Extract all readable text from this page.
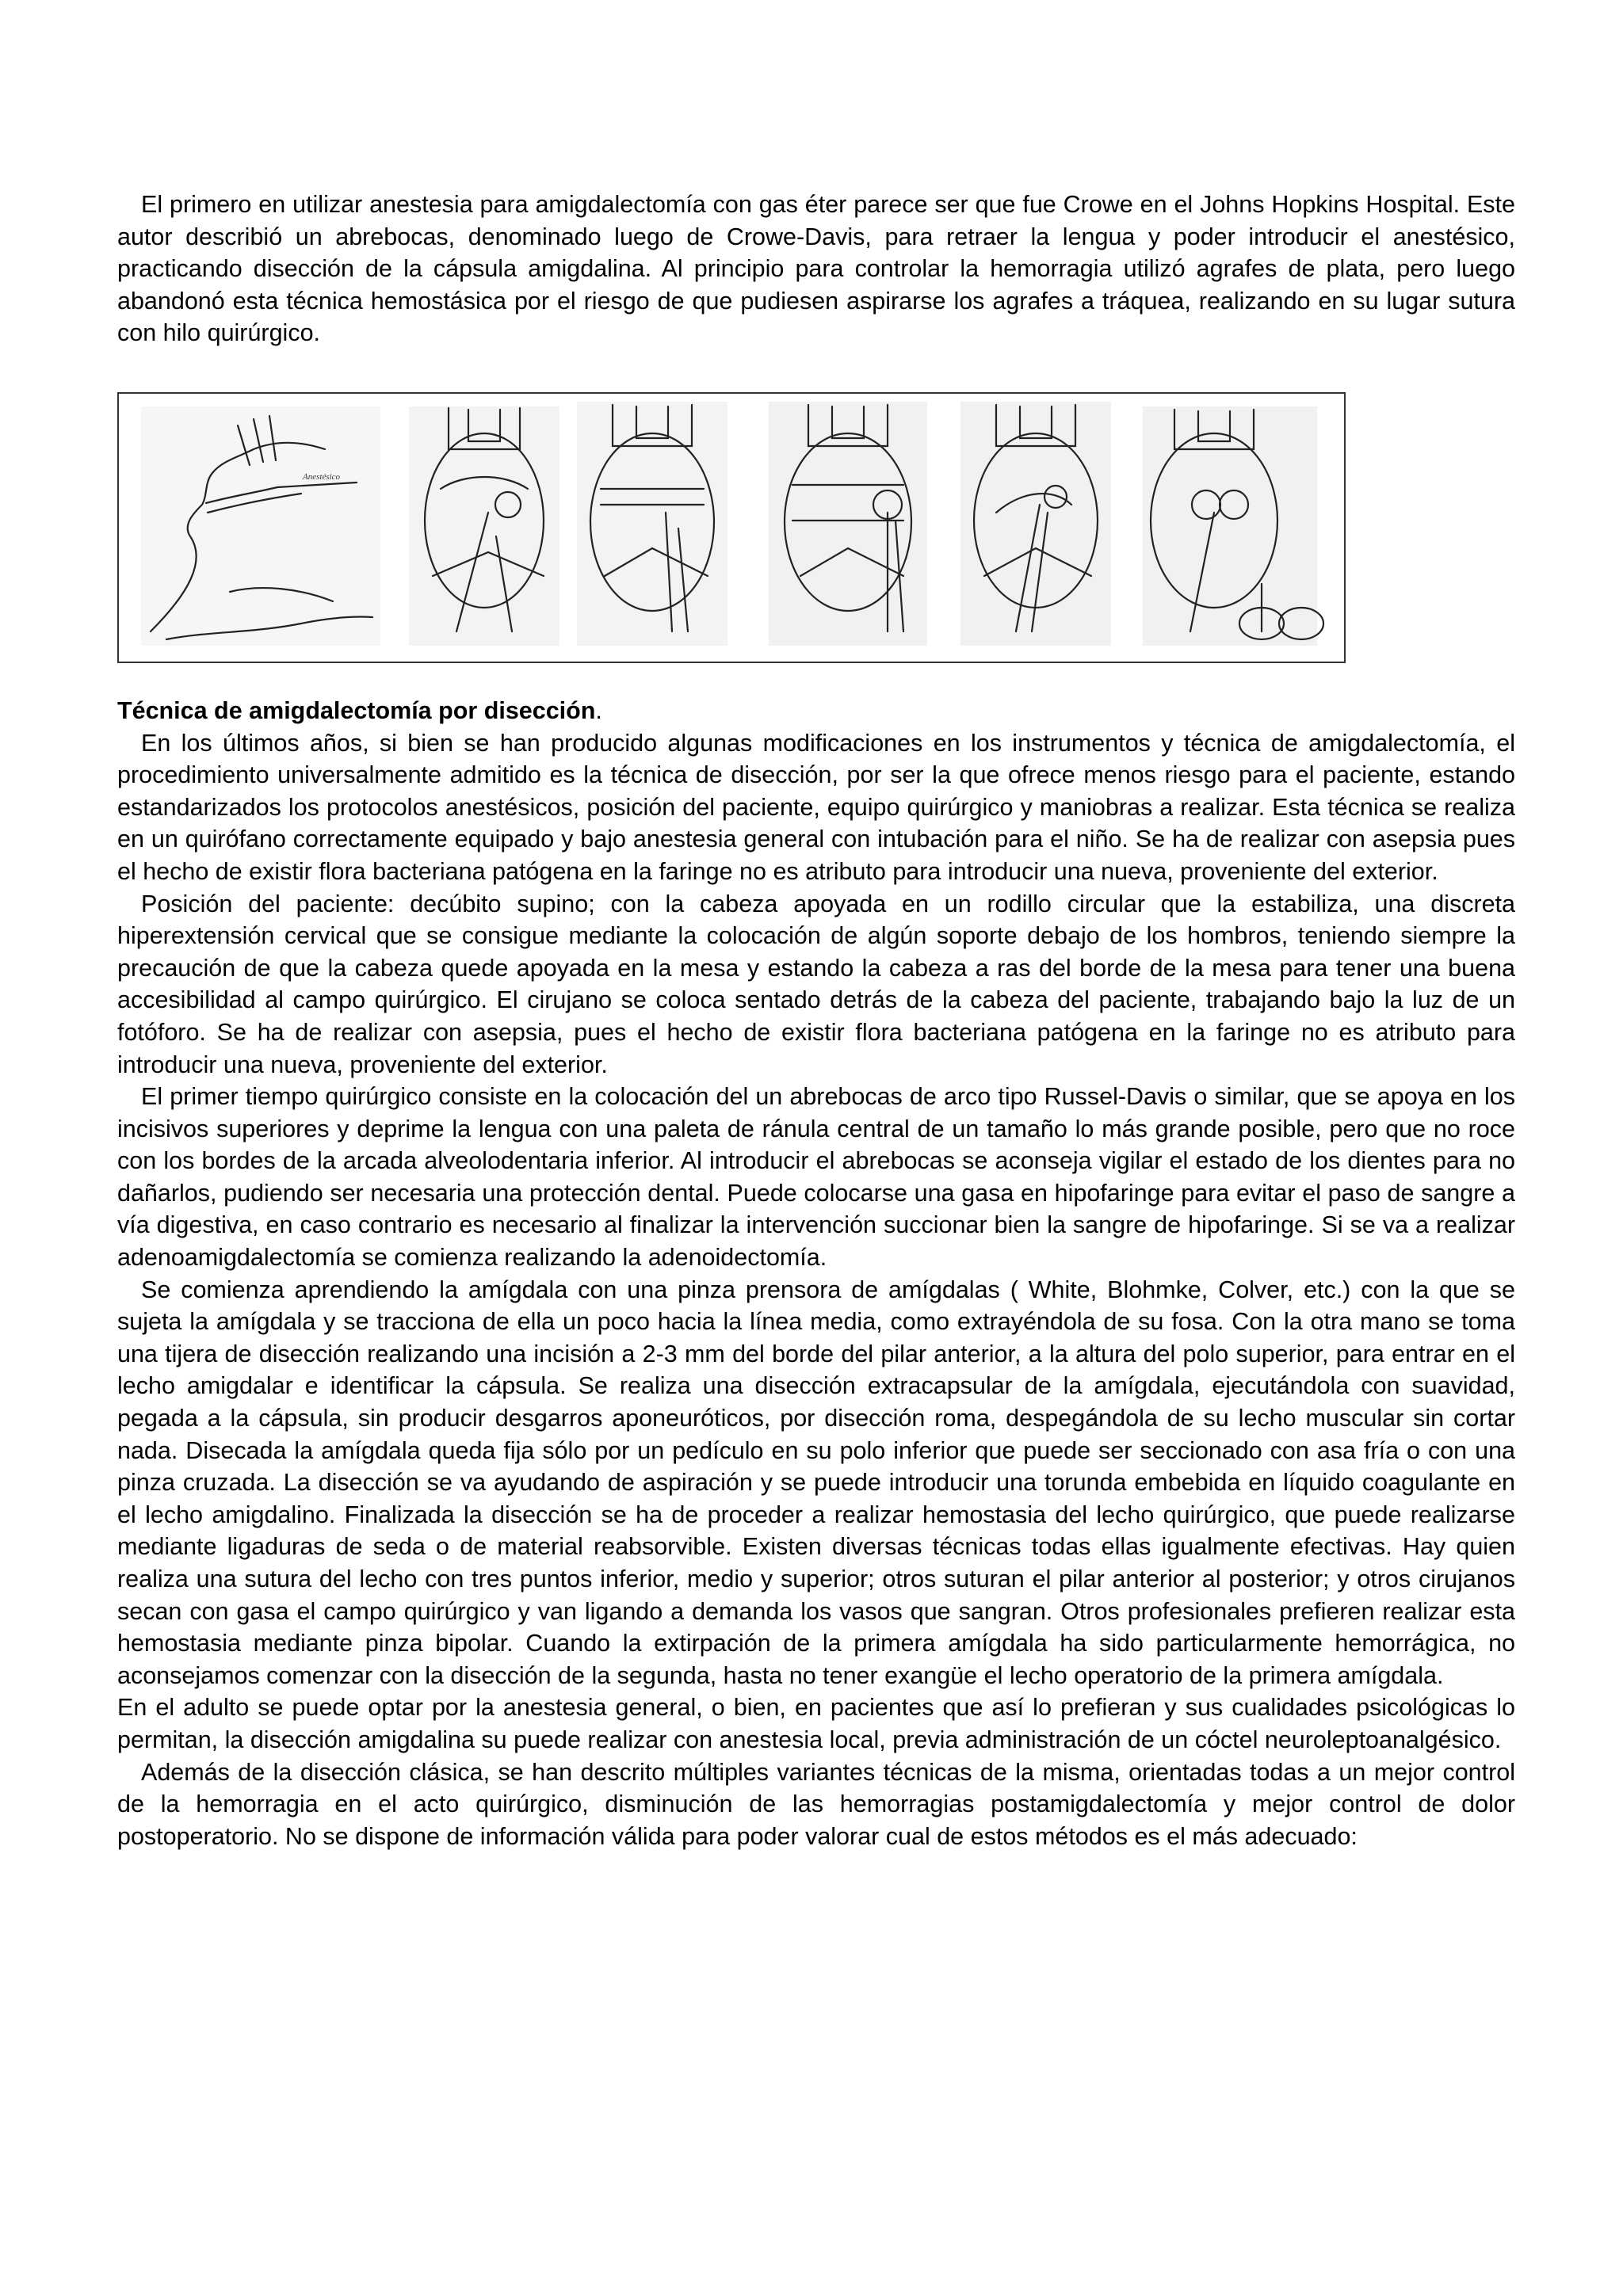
El primero en utilizar anestesia para amigdalectomía con gas éter parece ser que fue Crowe en el Johns Hopkins Hospital. Este autor describió un abrebocas, denominado luego de Crowe-Davis, para retraer la lengua y poder introducir el anestésico, practicando disección de la cápsula amigdalina. Al principio para controlar la hemorragia utilizó agrafes de plata, pero luego abandonó esta técnica hemostásica por el riesgo de que pudiesen aspirarse los agrafes a tráquea, realizando en su lugar sutura con hilo quirúrgico.

Anestésico
Técnica de amigdalectomía por disección.

En los últimos años, si bien se han producido algunas modificaciones en los instrumentos y técnica de amigdalectomía, el procedimiento universalmente admitido es la técnica de disección, por ser la que ofrece menos riesgo para el paciente, estando estandarizados los protocolos anestésicos, posición del paciente, equipo quirúrgico y maniobras a realizar. Esta técnica se realiza en un quirófano correctamente equipado y bajo anestesia general con intubación para el niño. Se ha de realizar con asepsia pues el hecho de existir flora bacteriana patógena en la faringe no es atributo para introducir una nueva, proveniente del exterior.

Posición del paciente: decúbito supino; con la cabeza apoyada en un rodillo circular que la estabiliza, una discreta hiperextensión cervical que se consigue mediante la colocación de algún soporte debajo de los hombros, teniendo siempre la precaución de que la cabeza quede apoyada en la mesa y estando la cabeza a ras del borde de la mesa para tener una buena accesibilidad al campo quirúrgico. El cirujano se coloca sentado detrás de la cabeza del paciente, trabajando bajo la luz de un fotóforo. Se ha de realizar con asepsia, pues el hecho de existir flora bacteriana patógena en la faringe no es atributo para introducir una nueva, proveniente del exterior.

El primer tiempo quirúrgico consiste en la colocación del un abrebocas de arco tipo Russel-Davis o similar, que se apoya en los incisivos superiores y deprime la lengua con una paleta de ránula central de un tamaño lo más grande posible, pero que no roce con los bordes de la arcada alveolodentaria inferior. Al introducir el abrebocas se aconseja vigilar el estado de los dientes para no dañarlos, pudiendo ser necesaria una protección dental. Puede colocarse una gasa en hipofaringe para evitar el paso de sangre a vía digestiva, en caso contrario es necesario al finalizar la intervención succionar bien la sangre de hipofaringe. Si se va a realizar adenoamigdalectomía se comienza realizando la adenoidectomía.

Se comienza aprendiendo la amígdala con una pinza prensora de amígdalas ( White, Blohmke, Colver, etc.) con la que se sujeta la amígdala y se tracciona de ella un poco hacia la línea media, como extrayéndola de su fosa. Con la otra mano se toma una tijera de disección realizando una incisión a 2-3 mm del borde del pilar anterior, a la altura del polo superior, para entrar en el lecho amigdalar e identificar la cápsula. Se realiza una disección extracapsular de la amígdala, ejecutándola con suavidad, pegada a la cápsula, sin producir desgarros aponeuróticos, por disección roma, despegándola de su lecho muscular sin cortar nada. Disecada la amígdala queda fija sólo por un pedículo en su polo inferior que puede ser seccionado con asa fría o con una pinza cruzada. La disección se va ayudando de aspiración y se puede introducir una torunda embebida en líquido coagulante en el lecho amigdalino. Finalizada la disección se ha de proceder a realizar hemostasia del lecho quirúrgico, que puede realizarse mediante ligaduras de seda o de material reabsorvible. Existen diversas técnicas todas ellas igualmente efectivas. Hay quien realiza una sutura del lecho con tres puntos inferior, medio y superior; otros suturan el pilar anterior al posterior; y otros cirujanos secan con gasa el campo quirúrgico y van ligando a demanda los vasos que sangran. Otros profesionales prefieren realizar esta hemostasia mediante pinza bipolar. Cuando la extirpación de la primera amígdala ha sido particularmente hemorrágica, no aconsejamos comenzar con la disección de la segunda, hasta no tener exangüe el lecho operatorio de la primera amígdala.

En el adulto se puede optar por la anestesia general, o bien, en pacientes que así lo prefieran y sus cualidades psicológicas lo permitan, la disección amigdalina su puede realizar con anestesia local, previa administración de un cóctel neuroleptoanalgésico.

Además de la disección clásica, se han descrito múltiples variantes técnicas de la misma, orientadas todas a un mejor control de la hemorragia en el acto quirúrgico, disminución de las hemorragias postamigdalectomía y mejor control de dolor postoperatorio. No se dispone de información válida para poder valorar cual de estos métodos es el más adecuado:
